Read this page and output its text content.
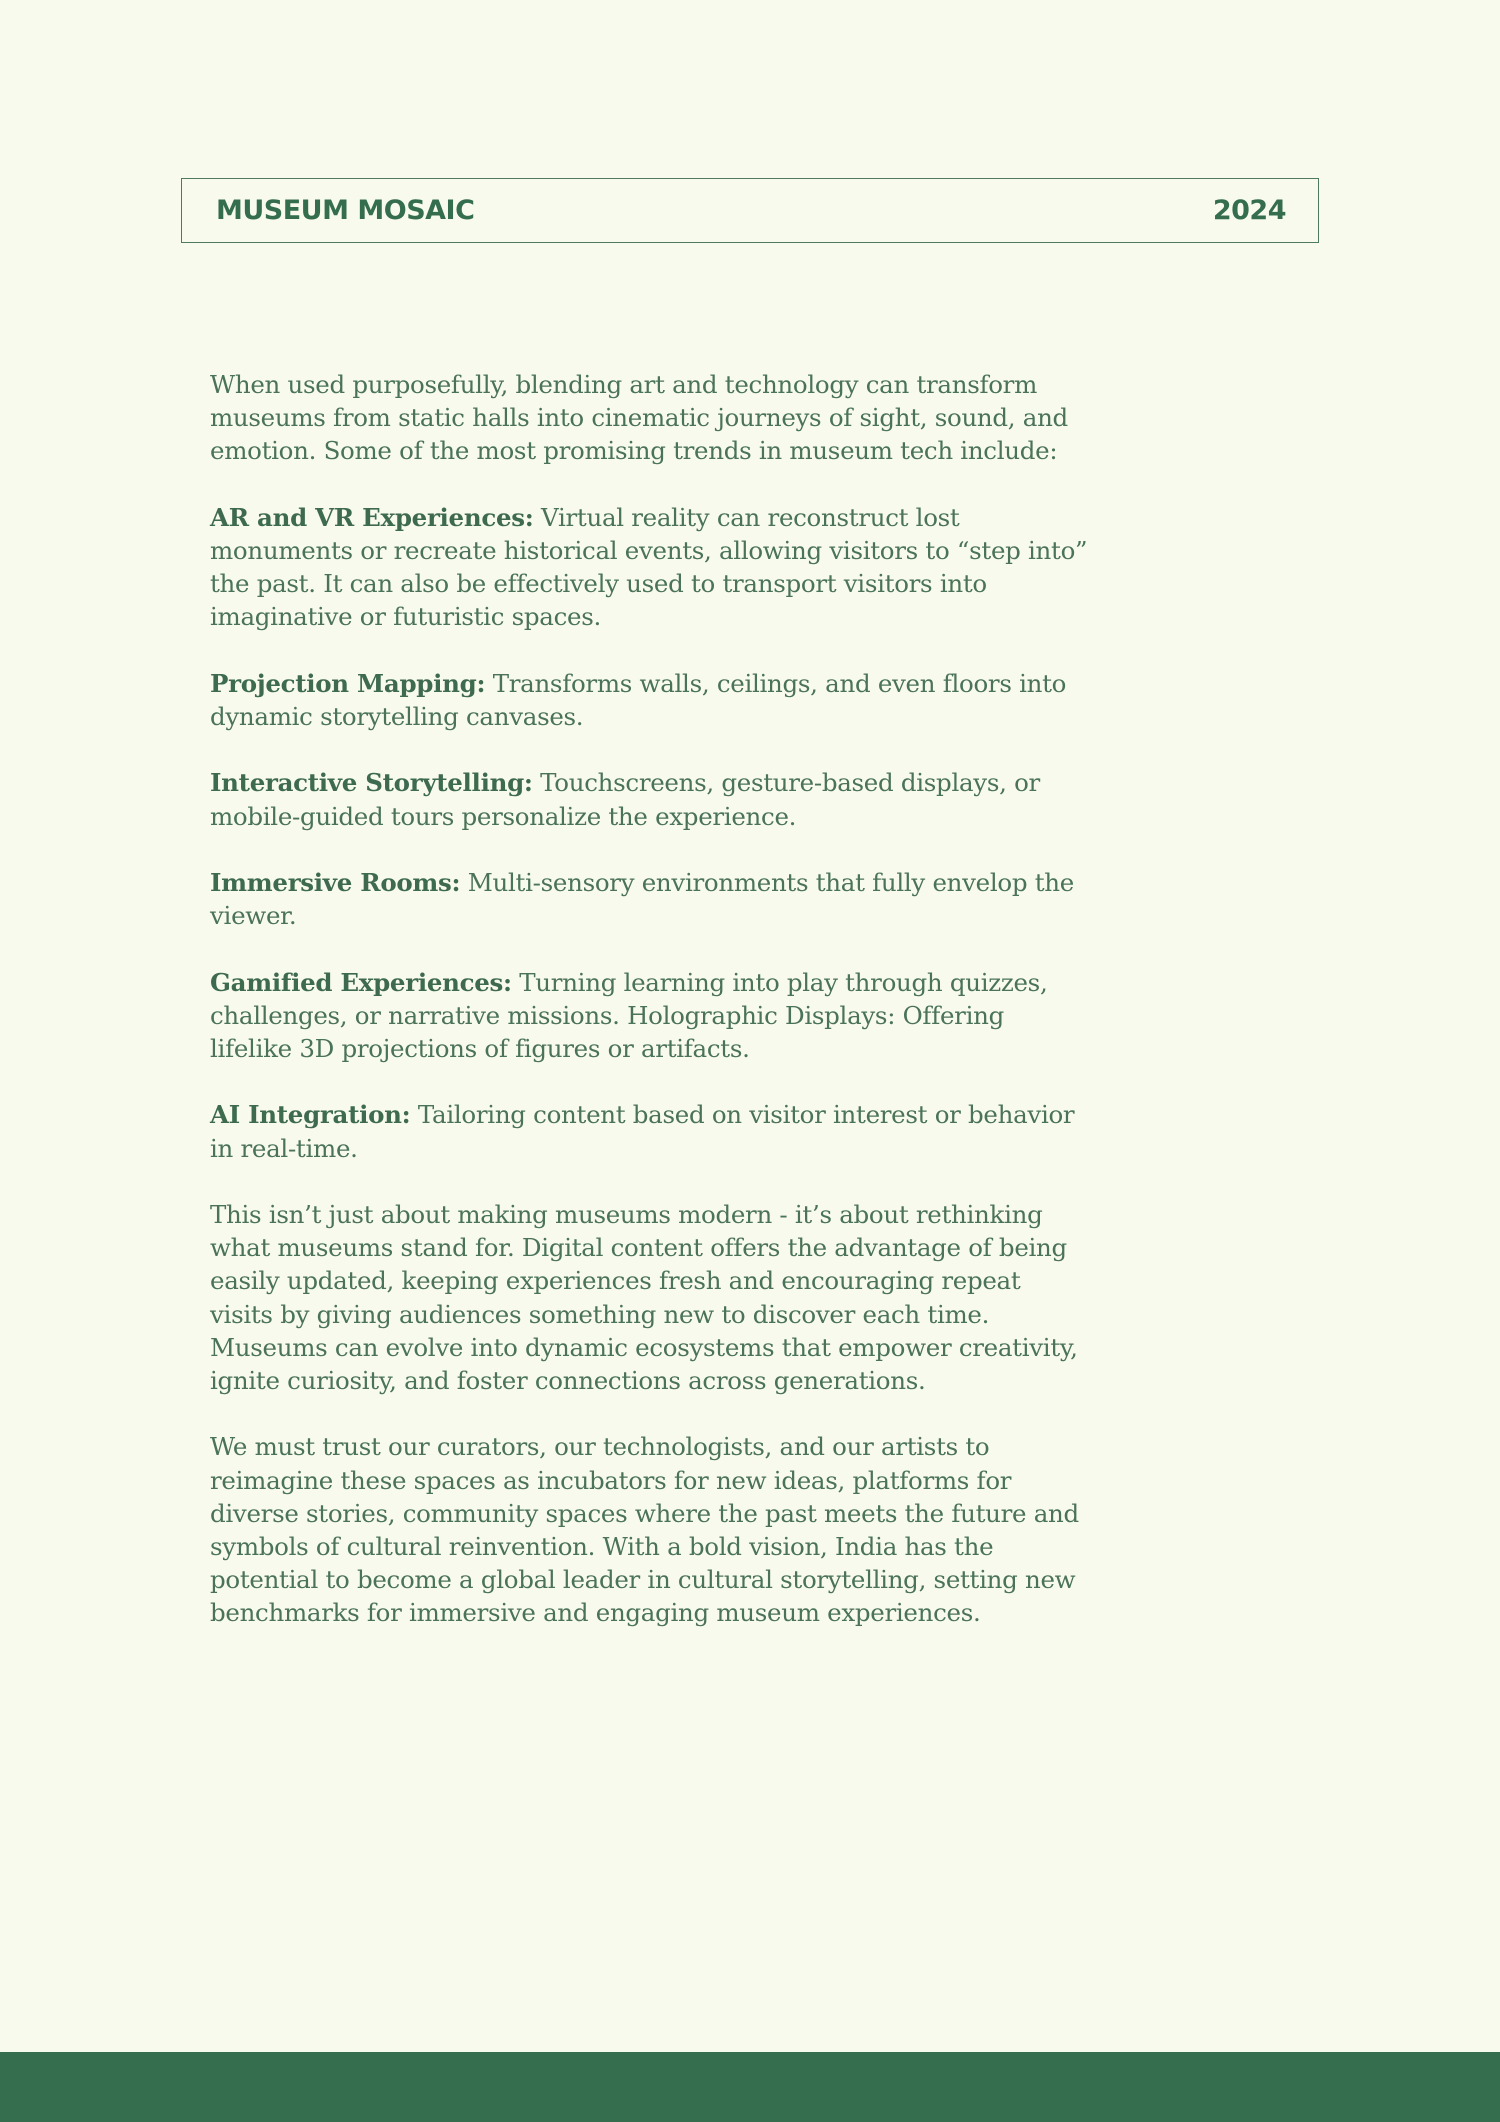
MUSEUM MOSAIC	2024

When used purposefully, blending art and technology can transform museums from static halls into cinematic journeys of sight, sound, and emotion. Some of the most promising trends in museum tech include:

AR and VR Experiences: Virtual reality can reconstruct lost monuments or recreate historical events, allowing visitors to “step into” the past. It can also be effectively used to transport visitors into imaginative or futuristic spaces.

Projection Mapping: Transforms walls, ceilings, and even floors into dynamic storytelling canvases.

Interactive Storytelling: Touchscreens, gesture-based displays, or mobile-guided tours personalize the experience.

Immersive Rooms: Multi-sensory environments that fully envelop the viewer.

Gamified Experiences: Turning learning into play through quizzes, challenges, or narrative missions. Holographic Displays: Offering lifelike 3D projections of figures or artifacts.

AI Integration: Tailoring content based on visitor interest or behavior in real-time.

This isn’t just about making museums modern - it’s about rethinking what museums stand for. Digital content offers the advantage of being easily updated, keeping experiences fresh and encouraging repeat visits by giving audiences something new to discover each time. Museums can evolve into dynamic ecosystems that empower creativity, ignite curiosity, and foster connections across generations.

We must trust our curators, our technologists, and our artists to reimagine these spaces as incubators for new ideas, platforms for diverse stories, community spaces where the past meets the future and symbols of cultural reinvention. With a bold vision, India has the potential to become a global leader in cultural storytelling, setting new benchmarks for immersive and engaging museum experiences.
